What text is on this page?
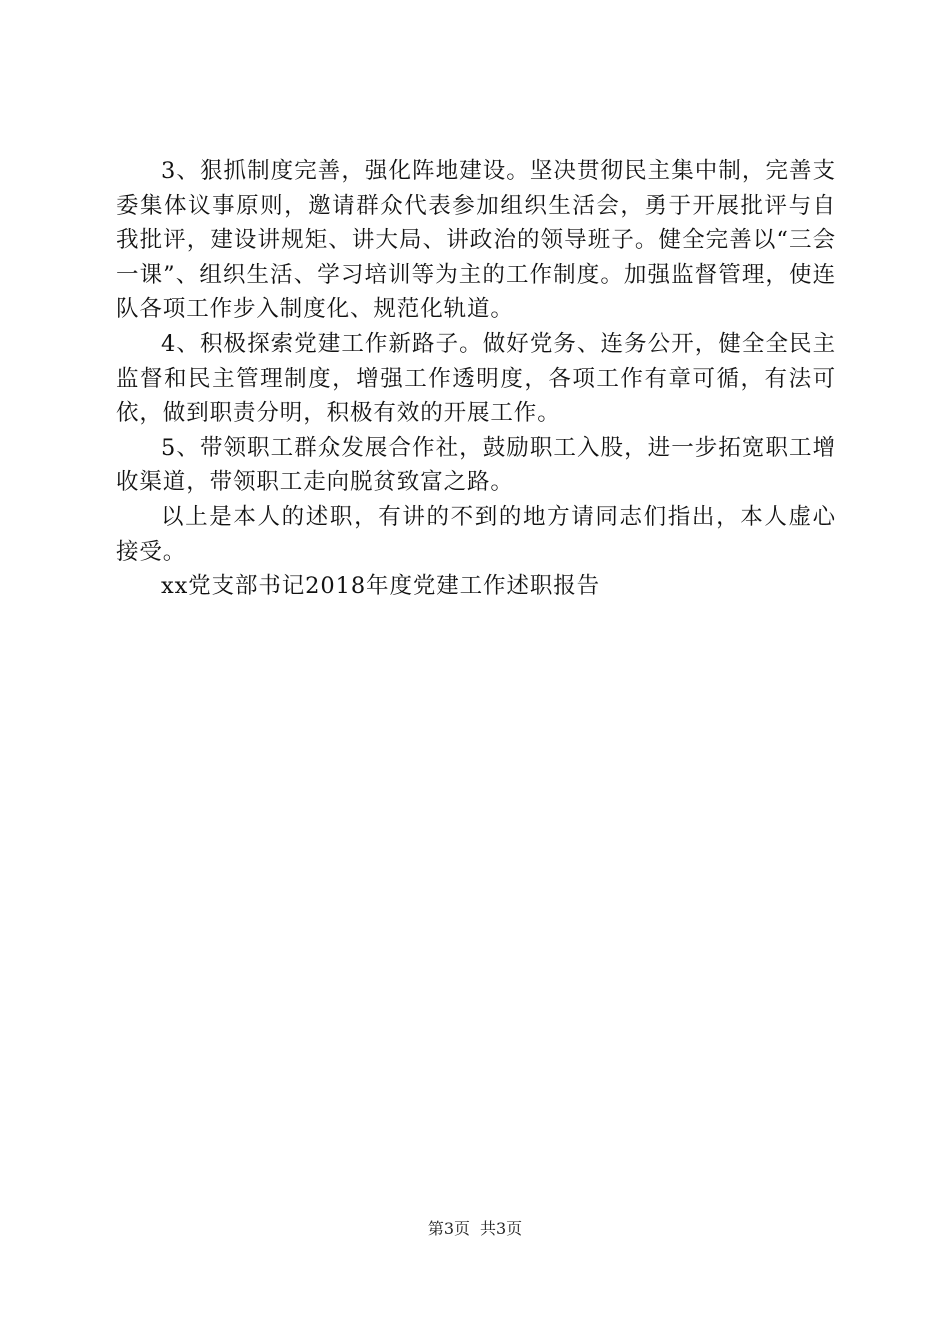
3、狠抓制度完善，强化阵地建设。坚决贯彻民主集中制，完善支委集体议事原则，邀请群众代表参加组织生活会，勇于开展批评与自我批评，建设讲规矩、讲大局、讲政治的领导班子。健全完善以“三会一课”、组织生活、学习培训等为主的工作制度。加强监督管理，使连队各项工作步入制度化、规范化轨道。

4、积极探索党建工作新路子。做好党务、连务公开，健全全民主监督和民主管理制度，增强工作透明度，各项工作有章可循，有法可依，做到职责分明，积极有效的开展工作。

5、带领职工群众发展合作社，鼓励职工入股，进一步拓宽职工增收渠道，带领职工走向脱贫致富之路。

以上是本人的述职，有讲的不到的地方请同志们指出，本人虚心接受。

xx党支部书记2018年度党建工作述职报告

第3页 共3页
